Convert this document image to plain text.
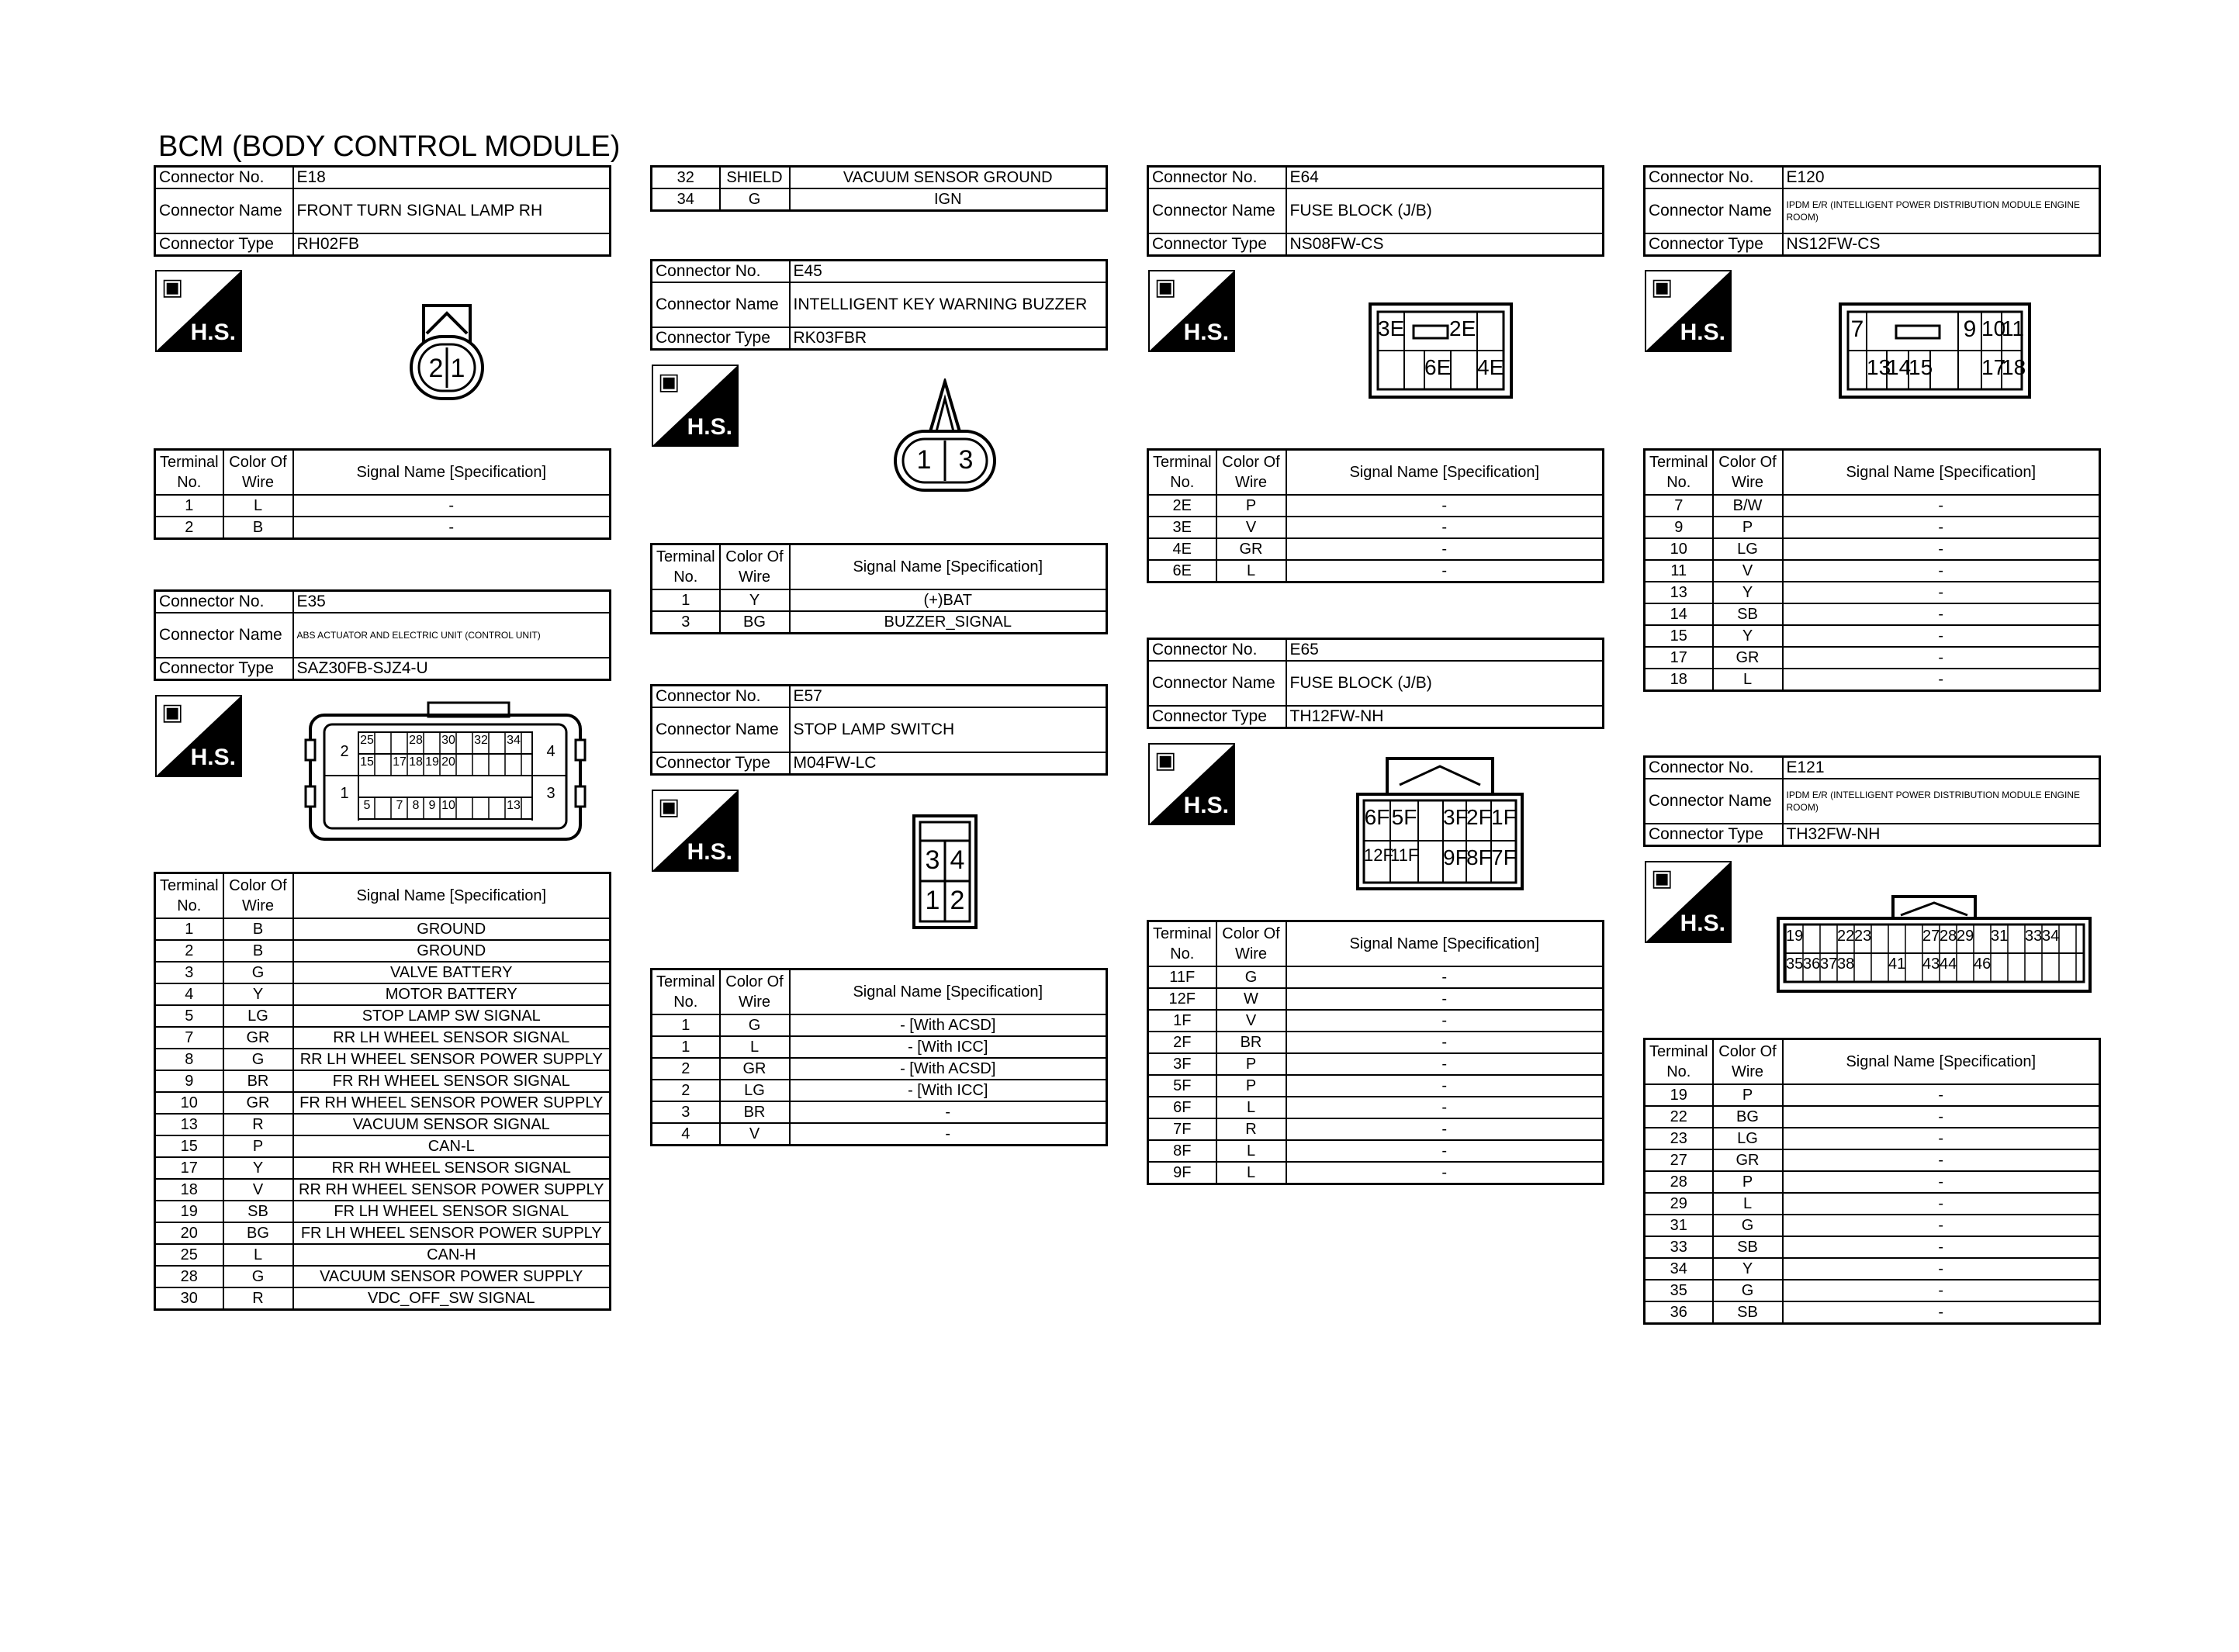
BCM (BODY CONTROL MODULE)
Connector No.	E18
Connector Name	FRONT TURN SIGNAL LAMP RH
Connector Type	RH02FB
▣
H.S.
2 1
Terminal No.	Color Of Wire	Signal Name [Specification]
1	L	-
2	B	-
Connector No.	E35
Connector Name	ABS ACTUATOR AND ELECTRIC UNIT (CONTROL UNIT)
Connector Type	SAZ30FB-SJZ4-U
▣
H.S.	2
25	28 30 32 34
4
15 17 18 19 20
1
5	7 8 9 10	13
3
Terminal No.	Color Of Wire	Signal Name [Specification]
1	B	GROUND
2	B	GROUND
3	G	VALVE BATTERY
4	Y	MOTOR BATTERY
5	LG	STOP LAMP SW SIGNAL
7	GR	RR LH WHEEL SENSOR SIGNAL
8	G	RR LH WHEEL SENSOR POWER SUPPLY
9	BR	FR RH WHEEL SENSOR SIGNAL
10	GR	FR RH WHEEL SENSOR POWER SUPPLY
13	R	VACUUM SENSOR SIGNAL
15	P	CAN-L
17	Y	RR RH WHEEL SENSOR SIGNAL
18	V	RR RH WHEEL SENSOR POWER SUPPLY
19	SB	FR LH WHEEL SENSOR SIGNAL
20	BG	FR LH WHEEL SENSOR POWER SUPPLY
25	L	CAN-H
28	G	VACUUM SENSOR POWER SUPPLY
30	R	VDC_OFF_SW SIGNAL
32	SHIELD	VACUUM SENSOR GROUND
34	G	IGN
Connector No.	E45
Connector Name	INTELLIGENT KEY WARNING BUZZER
Connector Type	RK03FBR
▣
H.S.
1 3
Terminal No.	Color Of Wire	Signal Name [Specification]
1	Y	(+)BAT
3	BG	BUZZER_SIGNAL
Connector No.	E57
Connector Name	STOP LAMP SWITCH
Connector Type	M04FW-LC
▣
H.S.	3 4
1 2
Terminal No.	Color Of Wire	Signal Name [Specification]
1	G	- [With ACSD]
1	L	- [With ICC]
2	GR	- [With ACSD]
2	LG	- [With ICC]
3	BR	-
4	V	-
Connector No.	E64
Connector Name	FUSE BLOCK (J/B)
Connector Type	NS08FW-CS
▣
H.S.	3E 2E
6E 4E
Terminal No.	Color Of Wire	Signal Name [Specification]
2E	P	-
3E	V	-
4E	GR	-
6E	L	-
Connector No.	E65
Connector Name	FUSE BLOCK (J/B)
Connector Type	TH12FW-NH
▣
H.S.	6F 5F 3F
2F 1F
12F
11F 9F
8F 7F
Terminal No.	Color Of Wire	Signal Name [Specification]
11F	G	-
12F	W	-
1F	V	-
2F	BR	-
3F	P	-
5F	P	-
6F	L	-
7F	R	-
8F	L	-
9F	L	-
Connector No.	E120
Connector Name	IPDM E/R (INTELLIGENT POWER DISTRIBUTION MODULE ENGINE ROOM)
Connector Type	NS12FW-CS
▣
H.S.	7	9 10
11
13
14
15 17
18
Terminal No.	Color Of Wire	Signal Name [Specification]
7	B/W	-
9	P	-
10	LG	-
11	V	-
13	Y	-
14	SB	-
15	Y	-
17	GR	-
18	L	-
Connector No.	E121
Connector Name	IPDM E/R (INTELLIGENT POWER DISTRIBUTION MODULE ENGINE ROOM)
Connector Type	TH32FW-NH
▣
H.S.	19 22 23	27 28 29 31 33 34
35 36 37 38 41 43 44 46
Terminal No.	Color Of Wire	Signal Name [Specification]
19	P	-
22	BG	-
23	LG	-
27	GR	-
28	P	-
29	L	-
31	G	-
33	SB	-
34	Y	-
35	G	-
36	SB	-
